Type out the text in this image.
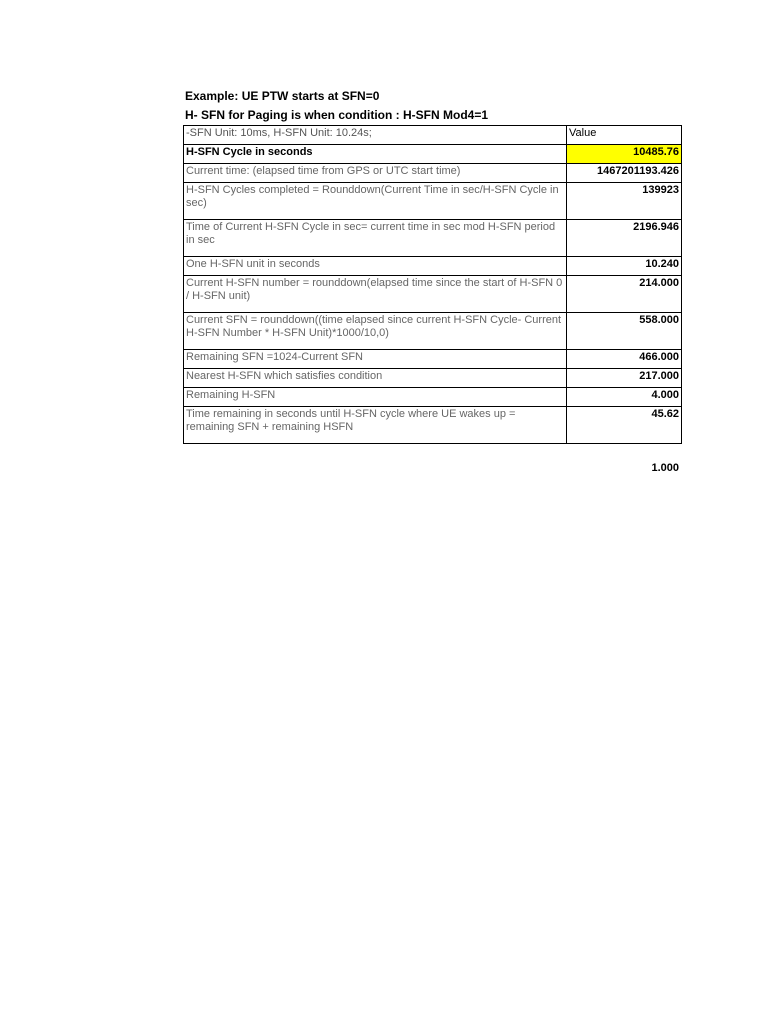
Example: UE PTW starts at SFN=0
H- SFN for Paging is when condition : H-SFN Mod4=1
-SFN Unit: 10ms, H-SFN Unit: 10.24s;	Value
H-SFN Cycle in seconds	10485.76
Current time: (elapsed time from GPS or UTC start time)	1467201193.426
H-SFN Cycles completed = Rounddown(Current Time in sec/H-SFN Cycle in sec)	139923
Time of Current H-SFN Cycle in sec= current time in sec mod H-SFN period in sec	2196.946
One H-SFN unit in seconds	10.240
Current H-SFN number = rounddown(elapsed time since the start of H-SFN 0 / H-SFN unit)	214.000
Current SFN = rounddown((time elapsed since current H-SFN Cycle- Current H-SFN Number * H-SFN Unit)*1000/10,0)	558.000
Remaining SFN =1024-Current SFN	466.000
Nearest H-SFN which satisfies condition	217.000
Remaining H-SFN	4.000
Time remaining in seconds until H-SFN cycle where UE wakes up = remaining SFN + remaining HSFN	45.62
1.000
